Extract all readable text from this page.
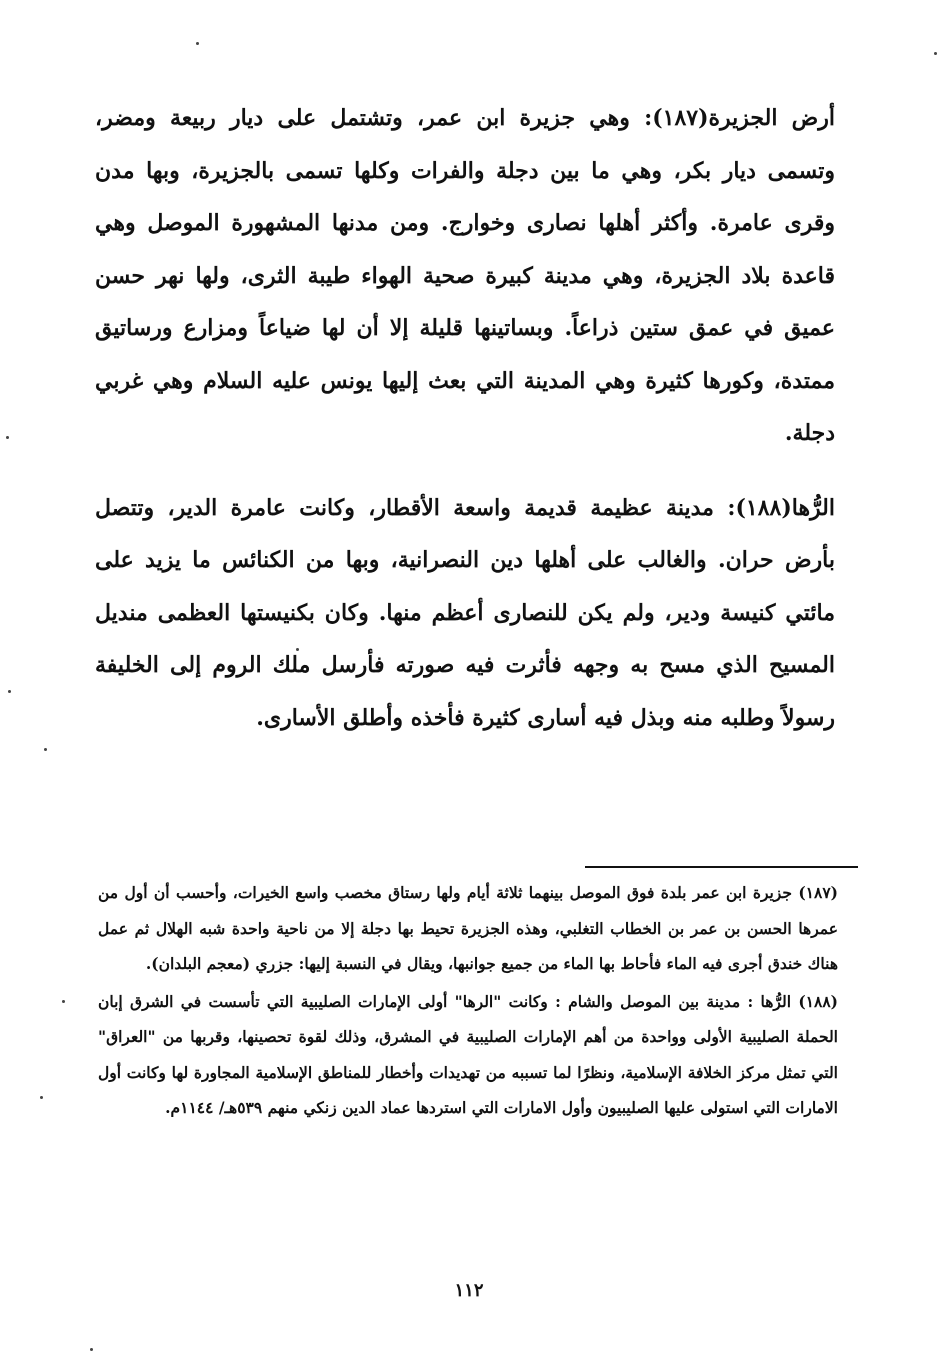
أرض الجزيرة(١٨٧): وهي جزيرة ابن عمر، وتشتمل على ديار ربيعة ومضر، وتسمى ديار بكر، وهي ما بين دجلة والفرات وكلها تسمى بالجزيرة، وبها مدن وقرى عامرة. وأكثر أهلها نصارى وخوارج. ومن مدنها المشهورة الموصل وهي قاعدة بلاد الجزيرة، وهي مدينة كبيرة صحية الهواء طيبة الثرى، ولها نهر حسن عميق في عمق ستين ذراعاً. وبساتينها قليلة إلا أن لها ضياعاً ومزارع ورساتيق ممتدة، وكورها كثيرة وهي المدينة التي بعث إليها يونس عليه السلام وهي غربي دجلة.

الرُّها(١٨٨): مدينة عظيمة قديمة واسعة الأقطار، وكانت عامرة الدير، وتتصل بأرض حران. والغالب على أهلها دين النصرانية، وبها من الكنائس ما يزيد على مائتي كنيسة ودير، ولم يكن للنصارى أعظم منها. وكان بكنيستها العظمى منديل المسيح الذي مسح به وجهه فأثرت فيه صورته فأرسل ملك الروم إلى الخليفة رسولاً وطلبه منه وبذل فيه أسارى كثيرة فأخذه وأطلق الأسارى.

(١٨٧) جزيرة ابن عمر بلدة فوق الموصل بينهما ثلاثة أيام ولها رستاق مخصب واسع الخيرات، وأحسب أن أول من عمرها الحسن بن عمر بن الخطاب التغلبي، وهذه الجزيرة تحيط بها دجلة إلا من ناحية واحدة شبه الهلال ثم عمل هناك خندق أجرى فيه الماء فأحاط بها الماء من جميع جوانبها، ويقال في النسبة إليها: جزري (معجم البلدان).

(١٨٨) الرُّها : مدينة بين الموصل والشام : وكانت "الرها" أولى الإمارات الصليبية التي تأسست في الشرق إبان الحملة الصليبية الأولى وواحدة من أهم الإمارات الصليبية في المشرق، وذلك لقوة تحصينها، وقربها من "العراق" التي تمثل مركز الخلافة الإسلامية، ونظرًا لما تسببه من تهديدات وأخطار للمناطق الإسلامية المجاورة لها وكانت أول الامارات التي استولى عليها الصليبيون وأول الامارات التي استردها عماد الدين زنكي منهم ٥٣٩هـ/ ١١٤٤م.

١١٢
